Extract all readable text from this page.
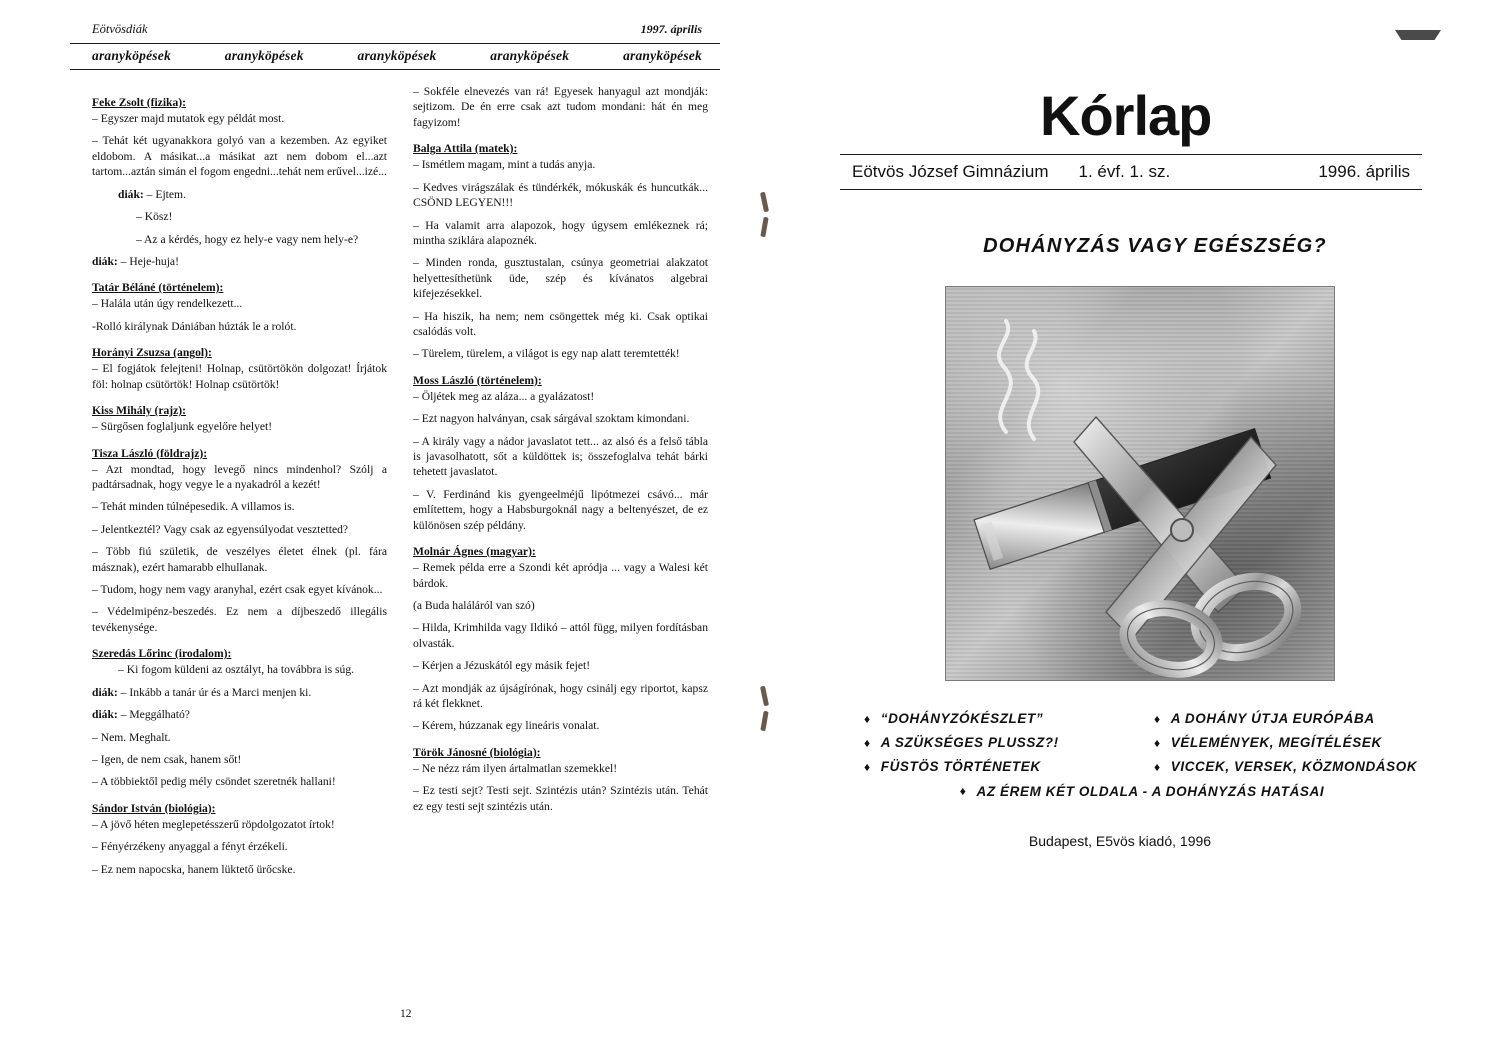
Eötvösdiák	1997. április
aranyköpések	aranyköpések	aranyköpések	aranyköpések	aranyköpések
Feke Zsolt (fizika):

– Egyszer majd mutatok egy példát most.

– Tehát két ugyanakkora golyó van a kezemben. Az egyiket eldobom. A másikat...a másikat azt nem dobom el...azt tartom...aztán simán el fogom engedni...tehát nem erűvel...izé...

diák: – Ejtem.

– Kösz!

– Az a kérdés, hogy ez hely-e vagy nem hely-e?

diák: – Heje-huja!

Tatár Béláné (történelem):

– Halála után úgy rendelkezett...

-Rolló királynak Dániában húzták le a rolót.

Horányi Zsuzsa (angol):

– El fogjátok felejteni! Holnap, csütörtökön dolgozat! Írjátok föl: holnap csütörtök! Holnap csütörtök!

Kiss Mihály (rajz):

– Sürgősen foglaljunk egyelőre helyet!

Tisza László (földrajz):

– Azt mondtad, hogy levegő nincs mindenhol? Szólj a padtársadnak, hogy vegye le a nyakadról a kezét!

– Tehát minden túlnépesedik. A villamos is.

– Jelentkeztél? Vagy csak az egyensúlyodat vesztetted?

– Több fiú születik, de veszélyes életet élnek (pl. fára másznak), ezért hamarabb elhullanak.

– Tudom, hogy nem vagy aranyhal, ezért csak egyet kívánok...

– Védelmipénz-beszedés. Ez nem a díjbeszedő illegális tevékenysége.

Szeredás Lőrinc (irodalom):

– Ki fogom küldeni az osztályt, ha továbbra is súg.

diák: – Inkább a tanár úr és a Marci menjen ki.

diák: – Meggálható?

– Nem. Meghalt.

– Igen, de nem csak, hanem sőt!

– A többiektől pedig mély csöndet szeretnék hallani!

Sándor István (biológia):

– A jövő héten meglepetésszerű röpdolgozatot írtok!

– Fényérzékeny anyaggal a fényt érzékeli.

– Ez nem napocska, hanem lüktető ürőcske.

– Sokféle elnevezés van rá! Egyesek hanyagul azt mondják: sejtizom. De én erre csak azt tudom mondani: hát én meg fagyizom!

Balga Attila (matek):

– Ismétlem magam, mint a tudás anyja.

– Kedves virágszálak és tündérkék, mókuskák és huncutkák... CSÖND LEGYEN!!!

– Ha valamit arra alapozok, hogy úgysem emlékeznek rá; mintha sziklára alapoznék.

– Minden ronda, gusztustalan, csúnya geometriai alakzatot helyettesíthetünk üde, szép és kívánatos algebrai kifejezésekkel.

– Ha hiszik, ha nem; nem csöngettek még ki. Csak optikai csalódás volt.

– Türelem, türelem, a világot is egy nap alatt teremtették!

Moss László (történelem):

– Öljétek meg az aláza... a gyalázatost!

– Ezt nagyon halványan, csak sárgával szoktam kimondani.

– A király vagy a nádor javaslatot tett... az alsó és a felső tábla is javasolhatott, sőt a küldöttek is; összefoglalva tehát bárki tehetett javaslatot.

– V. Ferdinánd kis gyengeelméjű lipótmezei csávó... már említettem, hogy a Habsburgoknál nagy a beltenyészet, de ez különösen szép példány.

Molnár Ágnes (magyar):

– Remek példa erre a Szondi két apródja ... vagy a Walesi két bárdok.

(a Buda haláláról van szó)

– Hilda, Krimhilda vagy Ildikó – attól függ, milyen fordításban olvasták.

– Kérjen a Jézuskától egy másik fejet!

– Azt mondják az újságírónak, hogy csinálj egy riportot, kapsz rá két flekknet.

– Kérem, húzzanak egy lineáris vonalat.

Török Jánosné (biológia):

– Ne nézz rám ilyen ártalmatlan szemekkel!

– Ez testi sejt? Testi sejt. Szintézis után? Szintézis után. Tehát ez egy testi sejt szintézis után.

12
Kórlap
Eötvös József Gimnázium 1. évf. 1. sz.	1996. április
DOHÁNYZÁS VAGY EGÉSZSÉG?
♦ “DOHÁNYZÓKÉSZLET”	♦ A DOHÁNY ÚTJA EURÓPÁBA
♦ A SZÜKSÉGES PLUSSZ?!	♦ VÉLEMÉNYEK, MEGÍTÉLÉSEK
♦ FÜSTÖS TÖRTÉNETEK	♦ VICCEK, VERSEK, KÖZMONDÁSOK
♦ AZ ÉREM KÉT OLDALA - A DOHÁNYZÁS HATÁSAI
Budapest, E5vös kiadó, 1996
